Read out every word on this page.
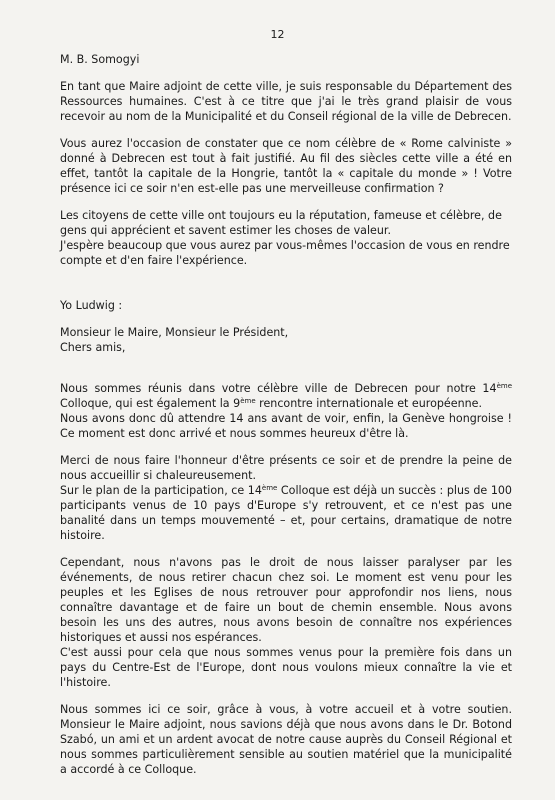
12

M. B. Somogyi

En tant que Maire adjoint de cette ville, je suis responsable du Département des Ressources humaines. C'est à ce titre que j'ai le très grand plaisir de vous recevoir au nom de la Municipalité et du Conseil régional de la ville de Debrecen.

Vous aurez l'occasion de constater que ce nom célèbre de « Rome calviniste » donné à Debrecen est tout à fait justifié. Au fil des siècles cette ville a été en effet, tantôt la capitale de la Hongrie, tantôt la « capitale du monde » ! Votre présence ici ce soir n'en est-elle pas une merveilleuse confirmation ?

Les citoyens de cette ville ont toujours eu la réputation, fameuse et célèbre, de gens qui apprécient et savent estimer les choses de valeur.

J'espère beaucoup que vous aurez par vous-mêmes l'occasion de vous en rendre compte et d'en faire l'expérience.

Yo Ludwig :

Monsieur le Maire, Monsieur le Président,

Chers amis,

Nous sommes réunis dans votre célèbre ville de Debrecen pour notre 14ème Colloque, qui est également la 9ème rencontre internationale et européenne.

Nous avons donc dû attendre 14 ans avant de voir, enfin, la Genève hongroise ! Ce moment est donc arrivé et nous sommes heureux d'être là.

Merci de nous faire l'honneur d'être présents ce soir et de prendre la peine de nous accueillir si chaleureusement.

Sur le plan de la participation, ce 14ème Colloque est déjà un succès : plus de 100 participants venus de 10 pays d'Europe s'y retrouvent, et ce n'est pas une banalité dans un temps mouvementé – et, pour certains, dramatique de notre histoire.

Cependant, nous n'avons pas le droit de nous laisser paralyser par les événements, de nous retirer chacun chez soi. Le moment est venu pour les peuples et les Eglises de nous retrouver pour approfondir nos liens, nous connaître davantage et de faire un bout de chemin ensemble. Nous avons besoin les uns des autres, nous avons besoin de connaître nos expériences historiques et aussi nos espérances.

C'est aussi pour cela que nous sommes venus pour la première fois dans un pays du Centre-Est de l'Europe, dont nous voulons mieux connaître la vie et l'histoire.

Nous sommes ici ce soir, grâce à vous, à votre accueil et à votre soutien. Monsieur le Maire adjoint, nous savions déjà que nous avons dans le Dr. Botond Szabó, un ami et un ardent avocat de notre cause auprès du Conseil Régional et nous sommes particulièrement sensible au soutien matériel que la municipalité a accordé à ce Colloque.
